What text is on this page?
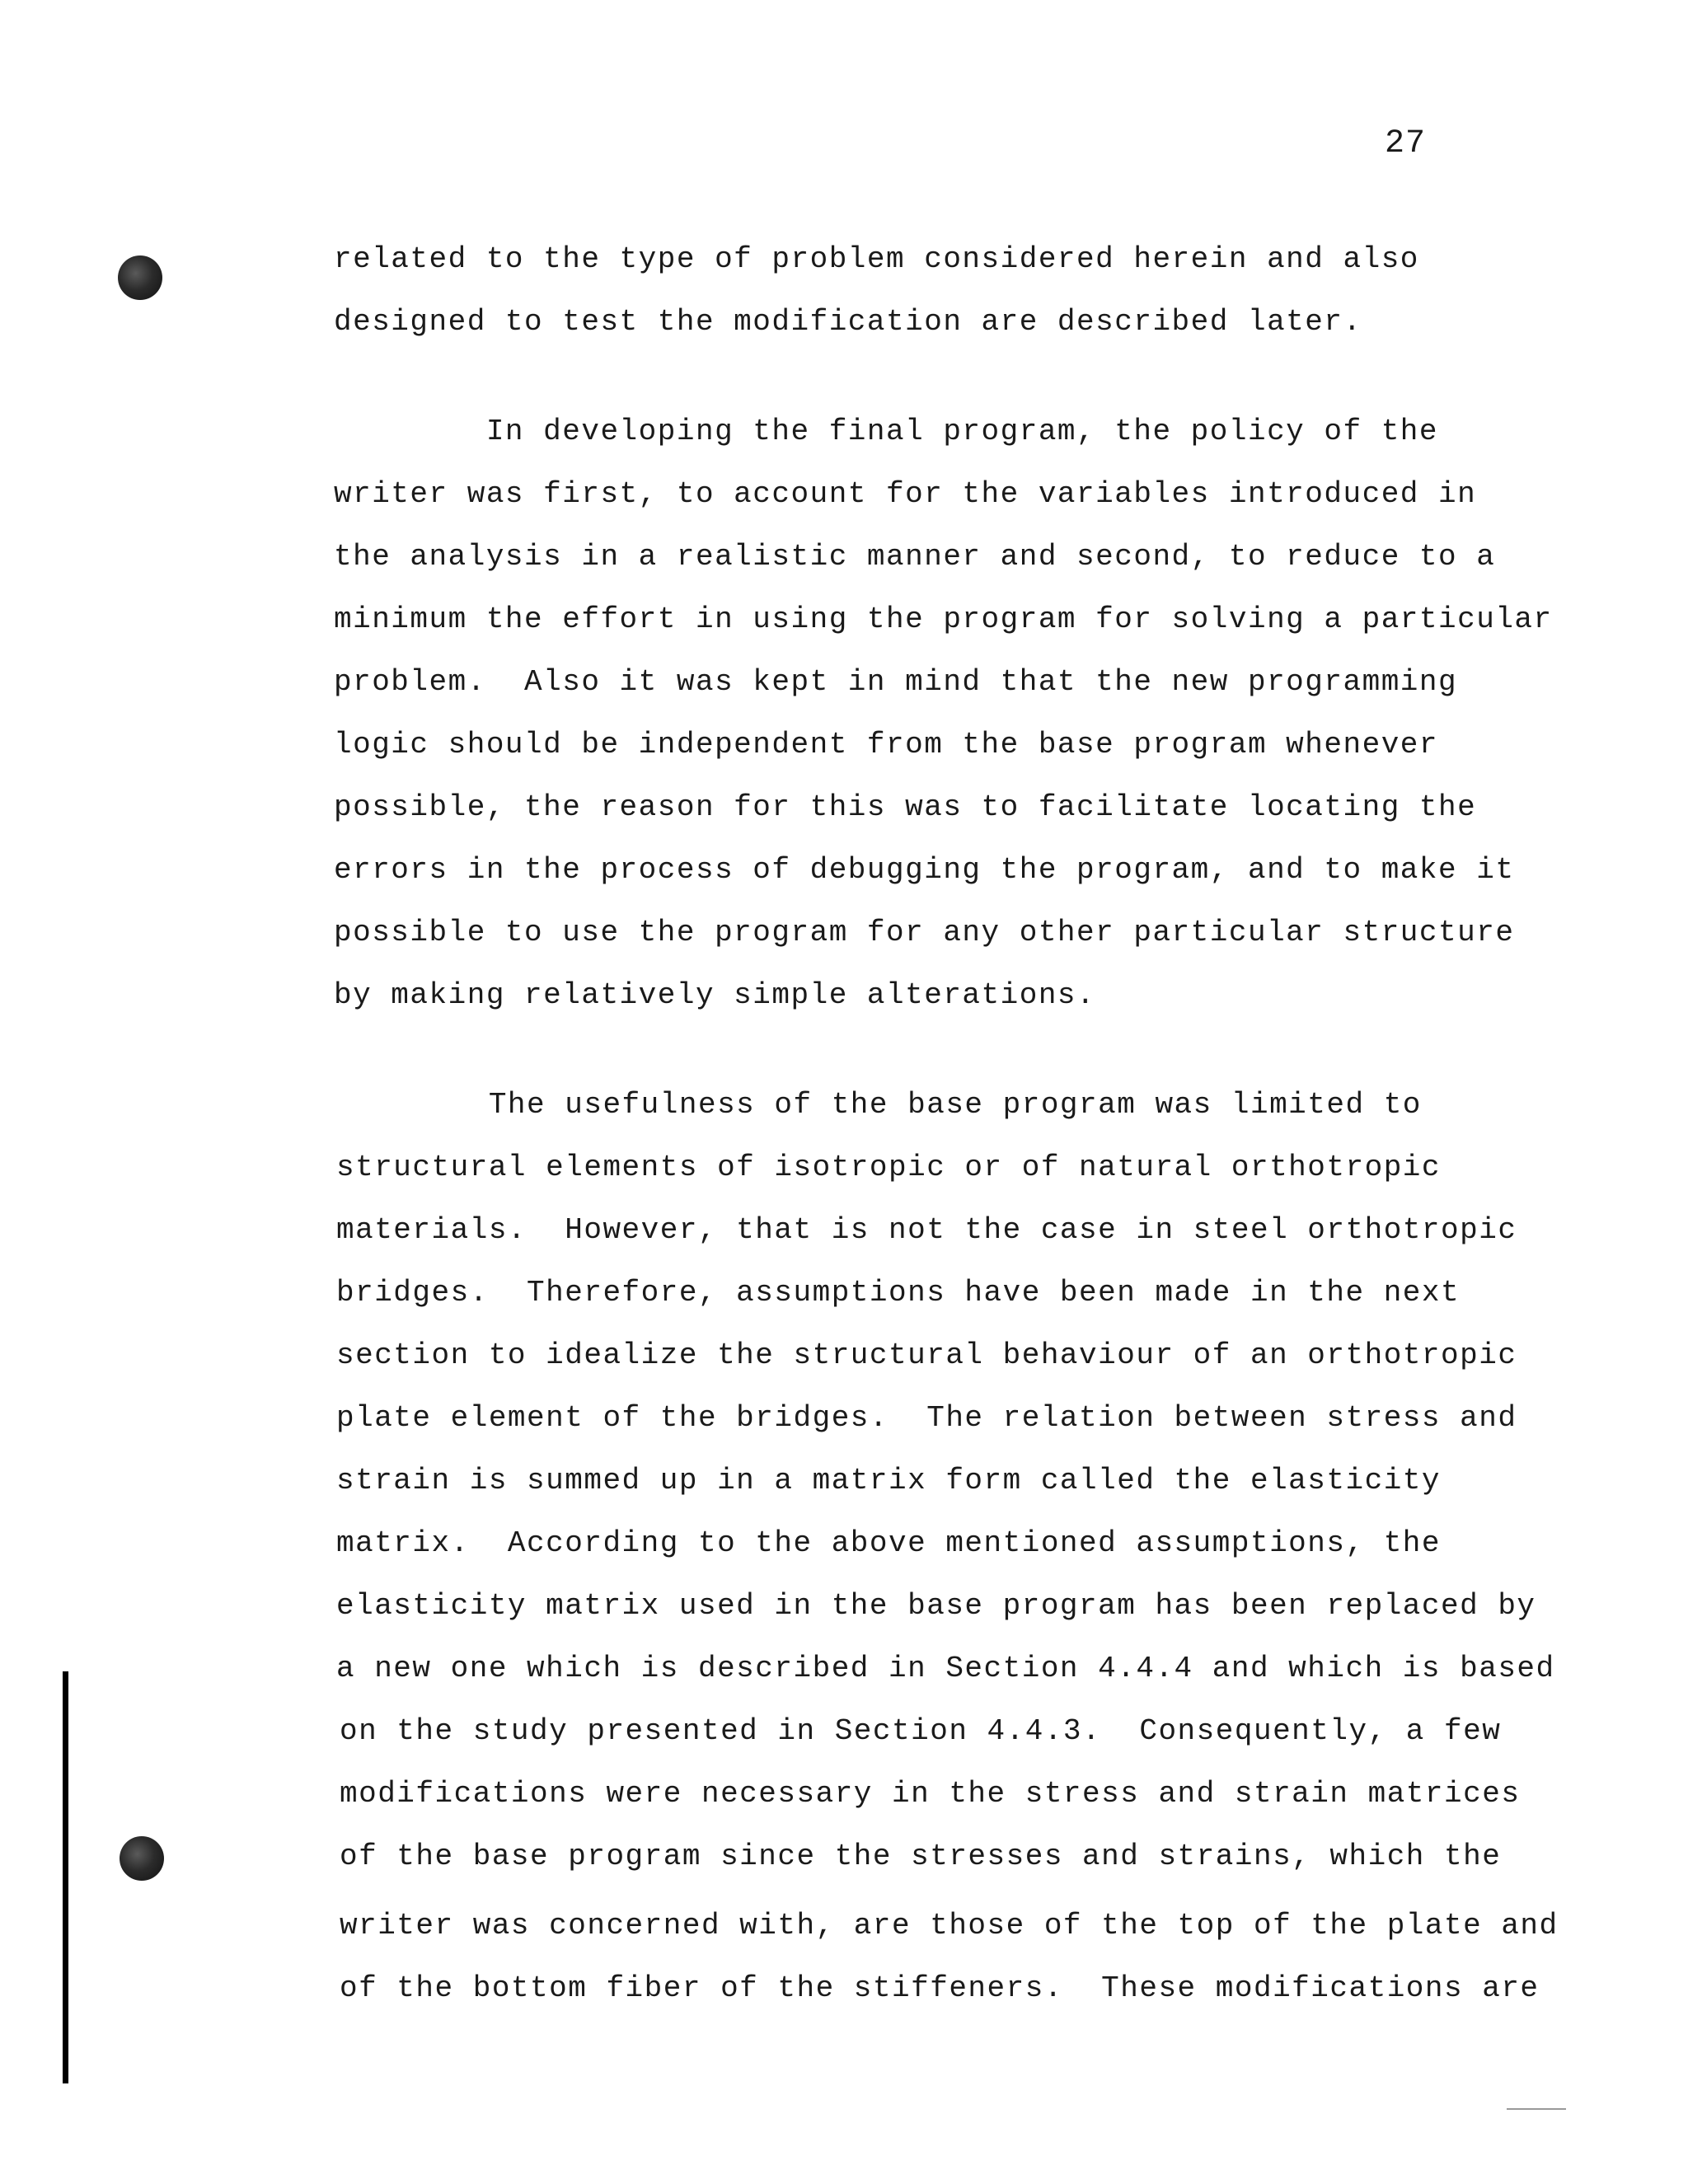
27
related to the type of problem considered herein and also
designed to test the modification are described later.
In developing the final program, the policy of the
writer was first, to account for the variables introduced in
the analysis in a realistic manner and second, to reduce to a
minimum the effort in using the program for solving a particular
problem.  Also it was kept in mind that the new programming
logic should be independent from the base program whenever
possible, the reason for this was to facilitate locating the
errors in the process of debugging the program, and to make it
possible to use the program for any other particular structure
by making relatively simple alterations.
The usefulness of the base program was limited to
structural elements of isotropic or of natural orthotropic
materials.  However, that is not the case in steel orthotropic
bridges.  Therefore, assumptions have been made in the next
section to idealize the structural behaviour of an orthotropic
plate element of the bridges.  The relation between stress and
strain is summed up in a matrix form called the elasticity
matrix.  According to the above mentioned assumptions, the
elasticity matrix used in the base program has been replaced by
a new one which is described in Section 4.4.4 and which is based
on the study presented in Section 4.4.3.  Consequently, a few
modifications were necessary in the stress and strain matrices
of the base program since the stresses and strains, which the
writer was concerned with, are those of the top of the plate and
of the bottom fiber of the stiffeners.  These modifications are
